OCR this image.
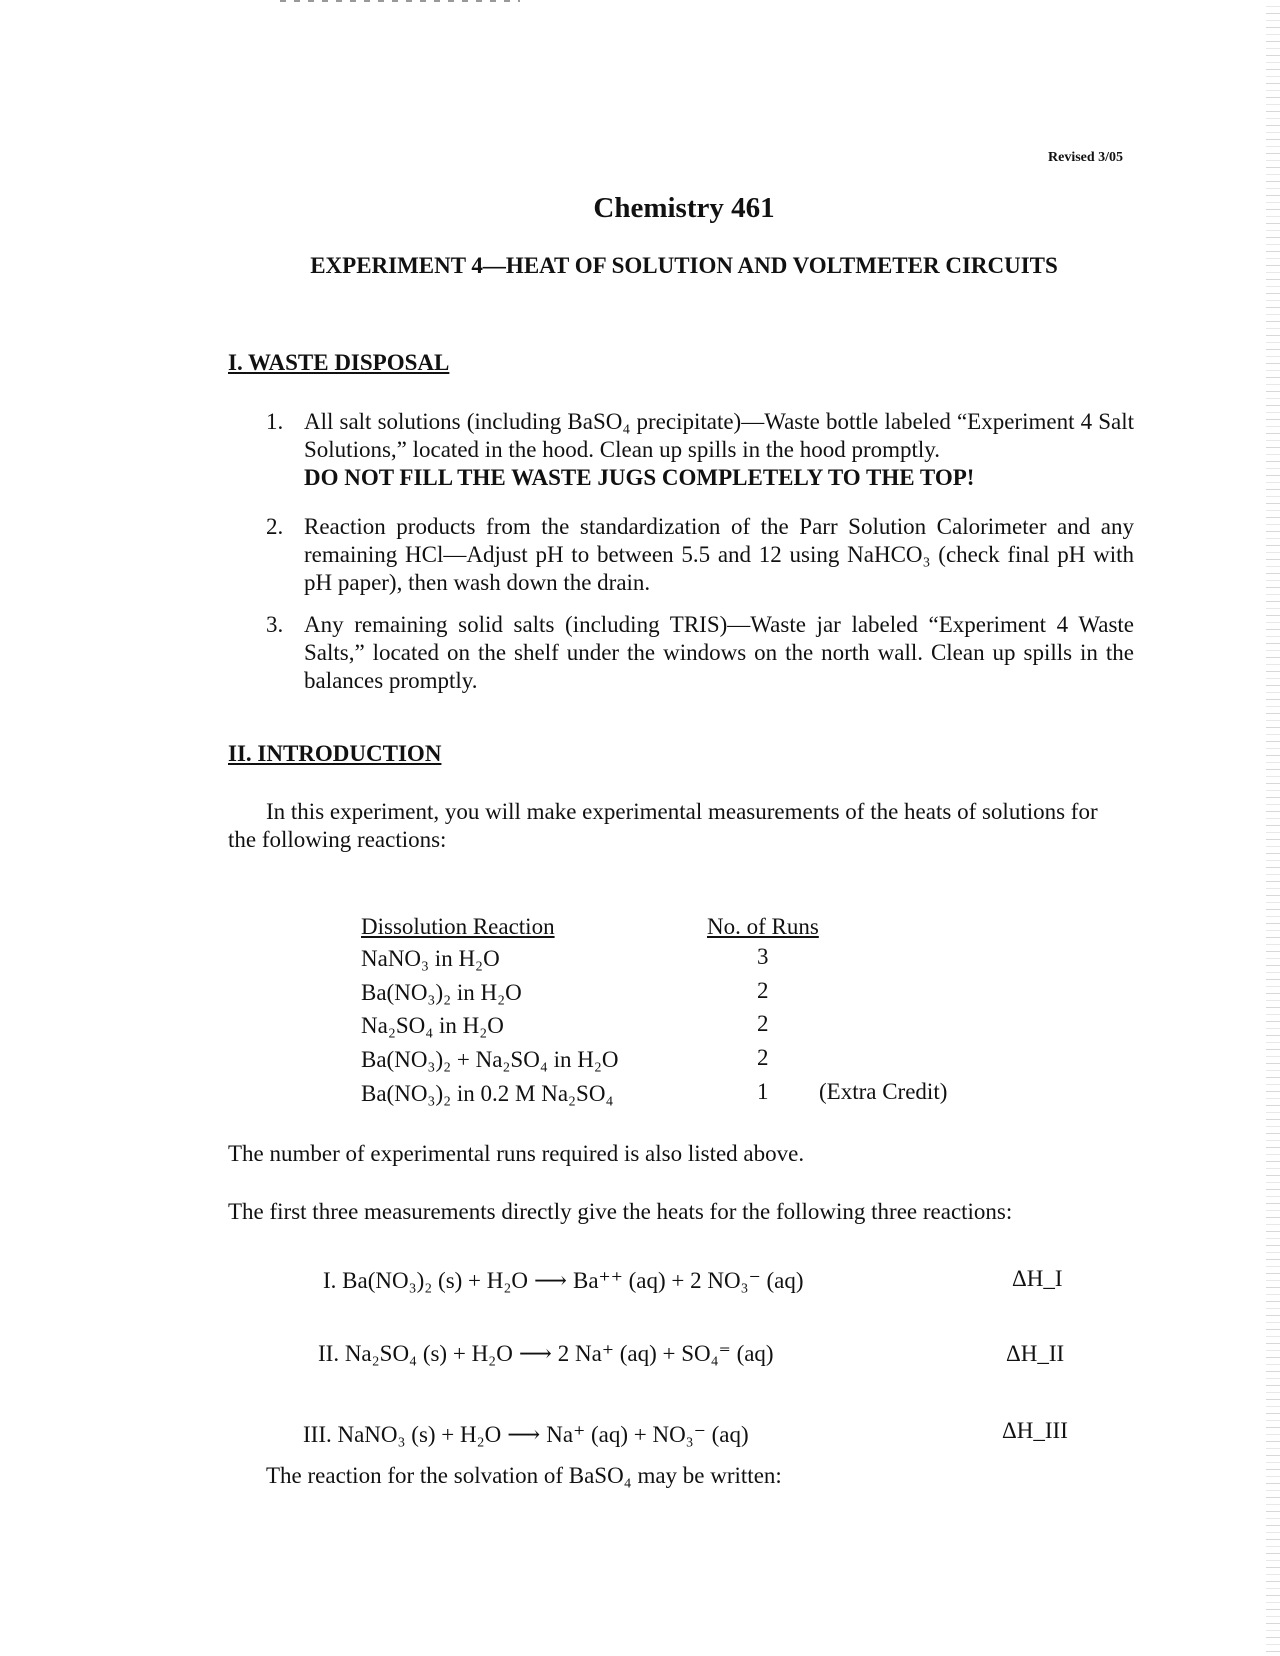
Revised 3/05
Chemistry 461
EXPERIMENT 4—HEAT OF SOLUTION AND VOLTMETER CIRCUITS
I. WASTE DISPOSAL
1. All salt solutions (including BaSO₄ precipitate)—Waste bottle labeled “Experiment 4 Salt Solutions,” located in the hood. Clean up spills in the hood promptly.
DO NOT FILL THE WASTE JUGS COMPLETELY TO THE TOP!
2. Reaction products from the standardization of the Parr Solution Calorimeter and any remaining HCl—Adjust pH to between 5.5 and 12 using NaHCO₃ (check final pH with pH paper), then wash down the drain.
3. Any remaining solid salts (including TRIS)—Waste jar labeled “Experiment 4 Waste Salts,” located on the shelf under the windows on the north wall. Clean up spills in the balances promptly.
II. INTRODUCTION
In this experiment, you will make experimental measurements of the heats of solutions for the following reactions:
Dissolution Reaction	No. of Runs
NaNO₃ in H₂O	3
Ba(NO₃)₂ in H₂O	2
Na₂SO₄ in H₂O	2
Ba(NO₃)₂ + Na₂SO₄ in H₂O	2
Ba(NO₃)₂ in 0.2 M Na₂SO₄	1 (Extra Credit)
The number of experimental runs required is also listed above.
The first three measurements directly give the heats for the following three reactions:
I. Ba(NO₃)₂ (s) + H₂O ⟶ Ba⁺⁺ (aq) + 2 NO₃⁻ (aq)	ΔH_I
II. Na₂SO₄ (s) + H₂O ⟶ 2 Na⁺ (aq) + SO₄⁼ (aq)	ΔH_II
III. NaNO₃ (s) + H₂O ⟶ Na⁺ (aq) + NO₃⁻ (aq)	ΔH_III
The reaction for the solvation of BaSO₄ may be written:
